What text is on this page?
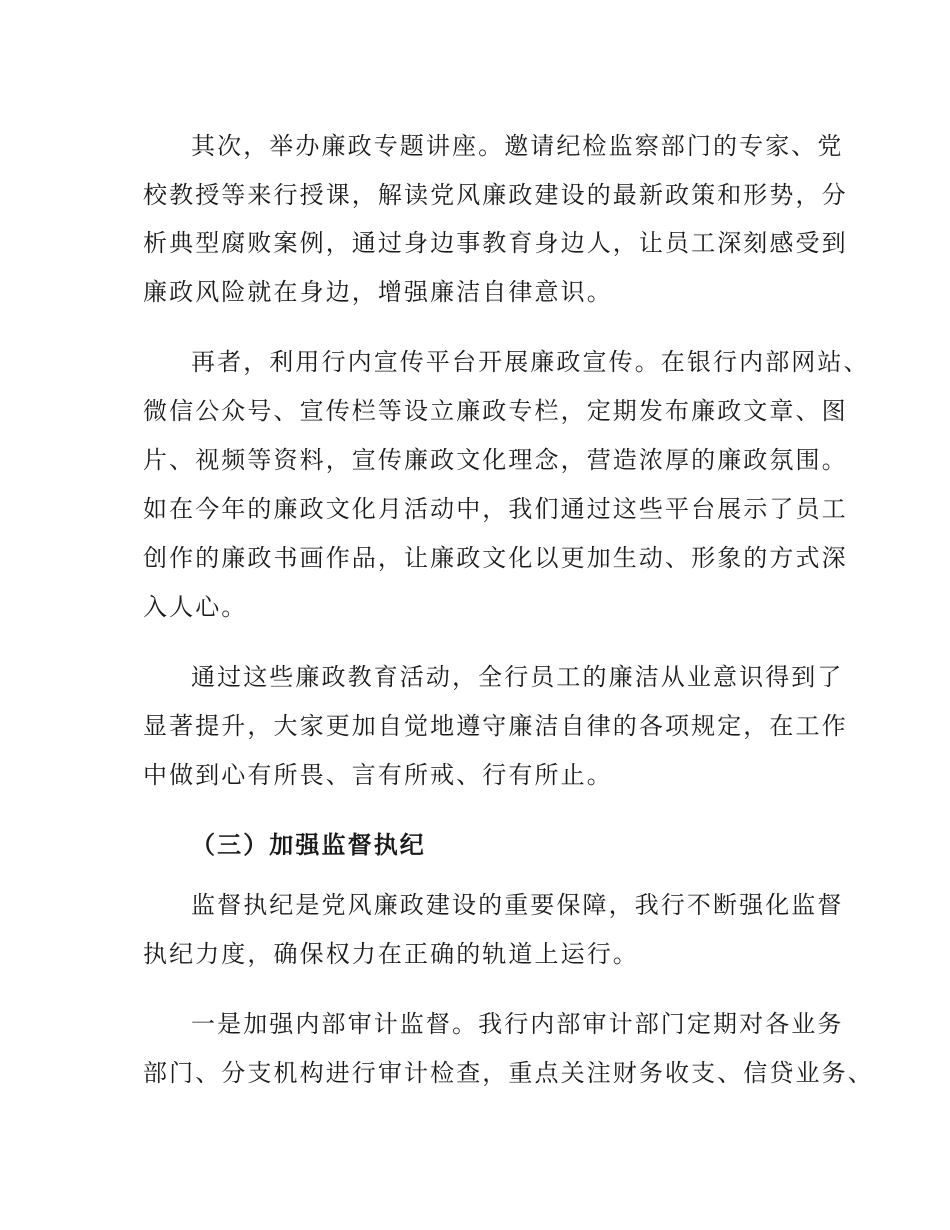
其次，举办廉政专题讲座。邀请纪检监察部门的专家、党
校教授等来行授课，解读党风廉政建设的最新政策和形势，分
析典型腐败案例，通过身边事教育身边人，让员工深刻感受到
廉政风险就在身边，增强廉洁自律意识。
再者，利用行内宣传平台开展廉政宣传。在银行内部网站、
微信公众号、宣传栏等设立廉政专栏，定期发布廉政文章、图
片、视频等资料，宣传廉政文化理念，营造浓厚的廉政氛围。
如在今年的廉政文化月活动中，我们通过这些平台展示了员工
创作的廉政书画作品，让廉政文化以更加生动、形象的方式深
入人心。
通过这些廉政教育活动，全行员工的廉洁从业意识得到了
显著提升，大家更加自觉地遵守廉洁自律的各项规定，在工作
中做到心有所畏、言有所戒、行有所止。
（三）加强监督执纪
监督执纪是党风廉政建设的重要保障，我行不断强化监督
执纪力度，确保权力在正确的轨道上运行。
一是加强内部审计监督。我行内部审计部门定期对各业务
部门、分支机构进行审计检查，重点关注财务收支、信贷业务、
